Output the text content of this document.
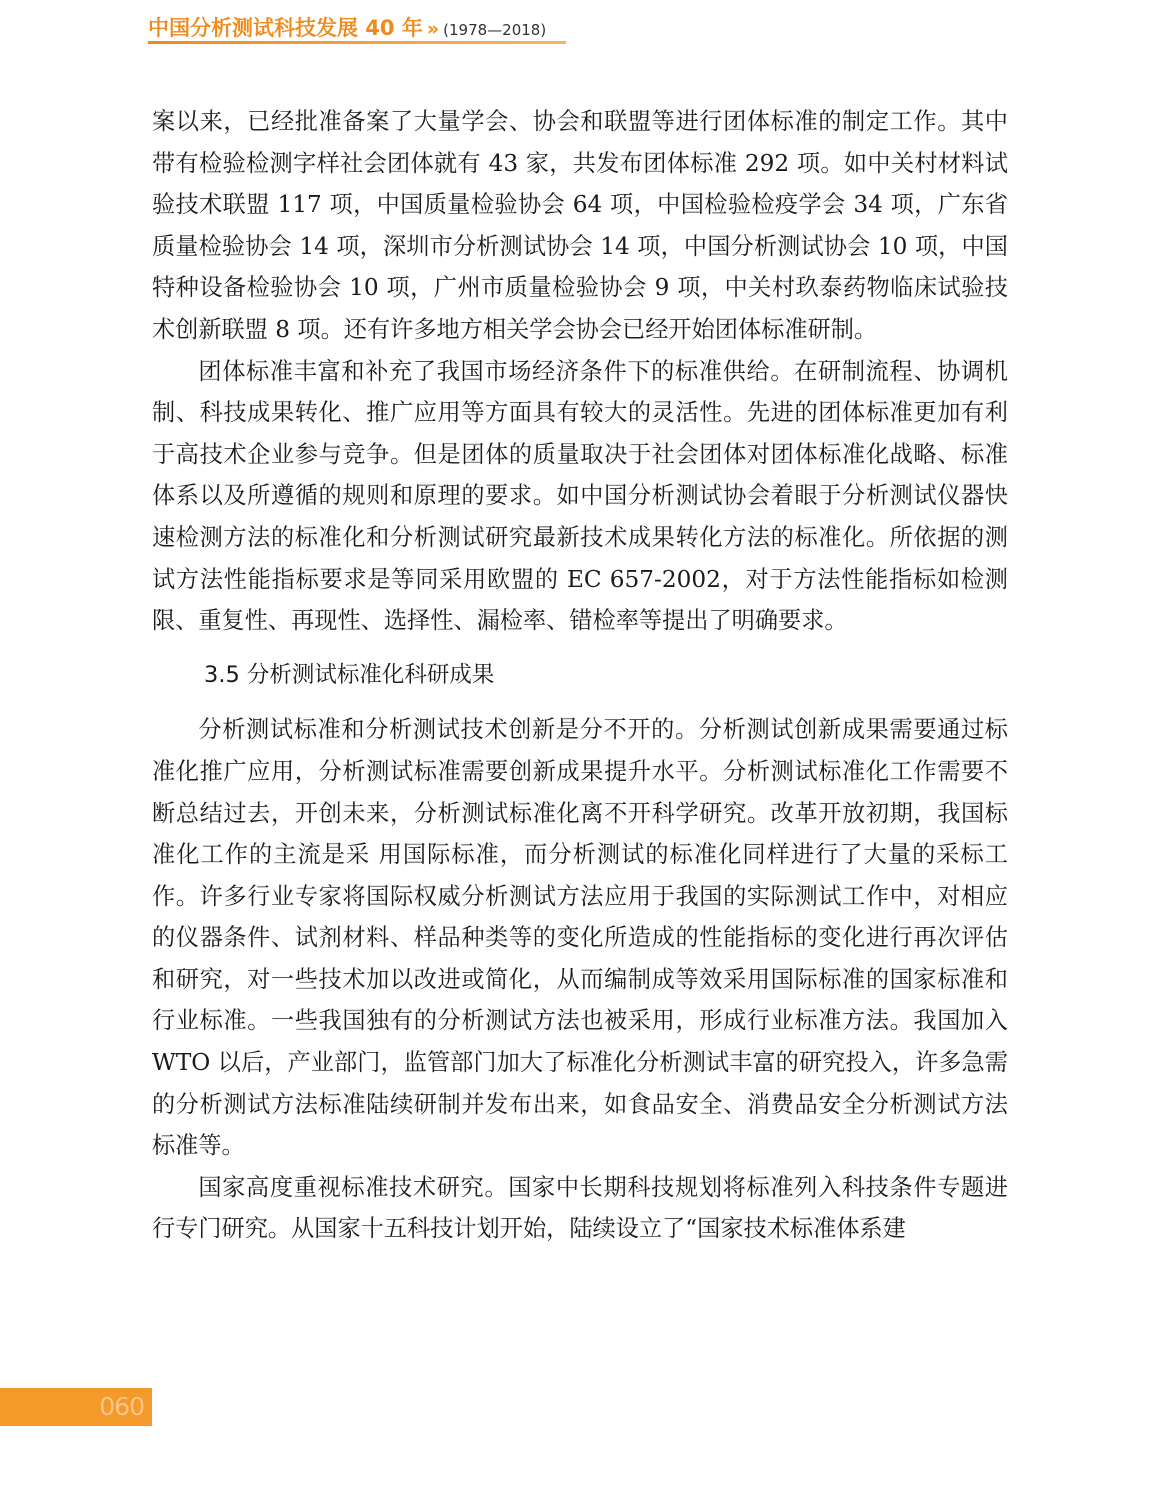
中国分析测试科技发展 40 年 » (1978—2018)

案以来，已经批准备案了大量学会、协会和联盟等进行团体标准的制定工作。其中带有检验检测字样社会团体就有 43 家，共发布团体标准 292 项。如中关村材料试验技术联盟 117 项，中国质量检验协会 64 项，中国检验检疫学会 34 项，广东省质量检验协会 14 项，深圳市分析测试协会 14 项，中国分析测试协会 10 项，中国特种设备检验协会 10 项，广州市质量检验协会 9 项，中关村玖泰药物临床试验技术创新联盟 8 项。还有许多地方相关学会协会已经开始团体标准研制。

团体标准丰富和补充了我国市场经济条件下的标准供给。在研制流程、协调机制、科技成果转化、推广应用等方面具有较大的灵活性。先进的团体标准更加有利于高技术企业参与竞争。但是团体的质量取决于社会团体对团体标准化战略、标准体系以及所遵循的规则和原理的要求。如中国分析测试协会着眼于分析测试仪器快速检测方法的标准化和分析测试研究最新技术成果转化方法的标准化。所依据的测试方法性能指标要求是等同采用欧盟的 EC 657-2002，对于方法性能指标如检测限、重复性、再现性、选择性、漏检率、错检率等提出了明确要求。

3.5 分析测试标准化科研成果

分析测试标准和分析测试技术创新是分不开的。分析测试创新成果需要通过标准化推广应用，分析测试标准需要创新成果提升水平。分析测试标准化工作需要不断总结过去，开创未来，分析测试标准化离不开科学研究。改革开放初期，我国标准化工作的主流是采 用国际标准，而分析测试的标准化同样进行了大量的采标工作。许多行业专家将国际权威分析测试方法应用于我国的实际测试工作中，对相应的仪器条件、试剂材料、样品种类等的变化所造成的性能指标的变化进行再次评估和研究，对一些技术加以改进或简化，从而编制成等效采用国际标准的国家标准和行业标准。一些我国独有的分析测试方法也被采用，形成行业标准方法。我国加入 WTO 以后，产业部门，监管部门加大了标准化分析测试丰富的研究投入，许多急需的分析测试方法标准陆续研制并发布出来，如食品安全、消费品安全分析测试方法标准等。

国家高度重视标准技术研究。国家中长期科技规划将标准列入科技条件专题进行专门研究。从国家十五科技计划开始，陆续设立了“国家技术标准体系建

060
